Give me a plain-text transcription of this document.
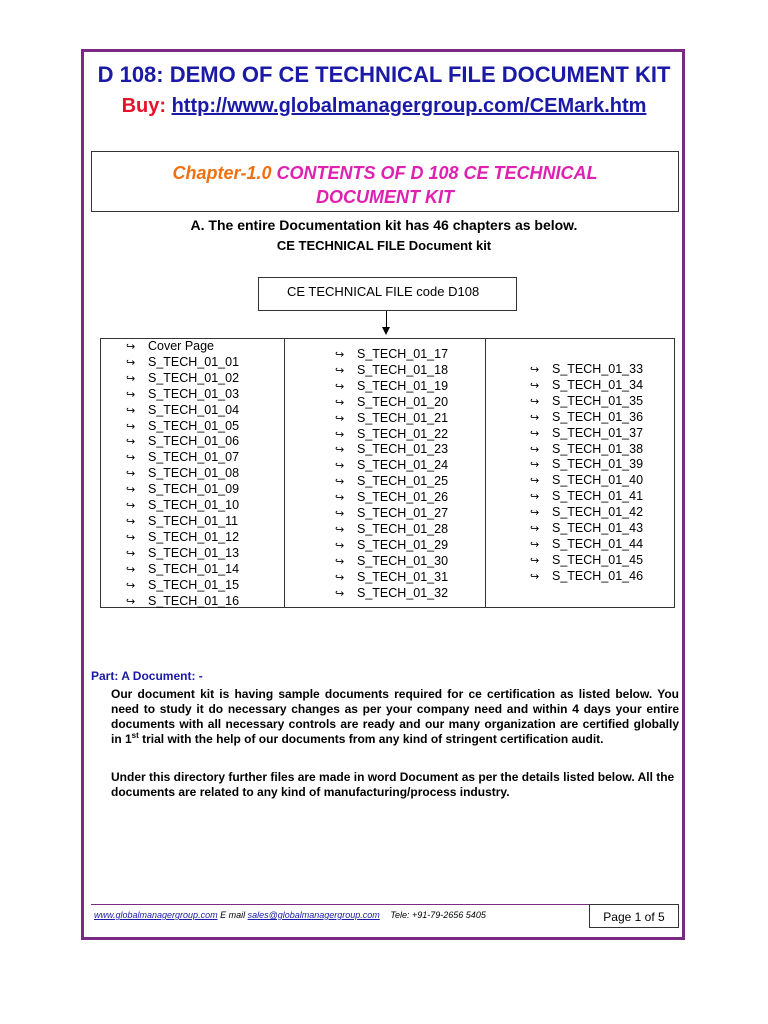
D 108: DEMO OF CE TECHNICAL FILE DOCUMENT KIT
Buy: http://www.globalmanagergroup.com/CEMark.htm
Chapter-1.0 CONTENTS OF D 108 CE TECHNICAL
DOCUMENT KIT
A. The entire Documentation kit has 46 chapters as below.
CE TECHNICAL FILE Document kit
CE TECHNICAL FILE code D108
↪ Cover Page
↪ S_TECH_01_01
↪ S_TECH_01_02
↪ S_TECH_01_03
↪ S_TECH_01_04
↪ S_TECH_01_05
↪ S_TECH_01_06
↪ S_TECH_01_07
↪ S_TECH_01_08
↪ S_TECH_01_09
↪ S_TECH_01_10
↪ S_TECH_01_11
↪ S_TECH_01_12
↪ S_TECH_01_13
↪ S_TECH_01_14
↪ S_TECH_01_15
↪ S_TECH_01_16
↪ S_TECH_01_17
↪ S_TECH_01_18
↪ S_TECH_01_19
↪ S_TECH_01_20
↪ S_TECH_01_21
↪ S_TECH_01_22
↪ S_TECH_01_23
↪ S_TECH_01_24
↪ S_TECH_01_25
↪ S_TECH_01_26
↪ S_TECH_01_27
↪ S_TECH_01_28
↪ S_TECH_01_29
↪ S_TECH_01_30
↪ S_TECH_01_31
↪ S_TECH_01_32
↪ S_TECH_01_33
↪ S_TECH_01_34
↪ S_TECH_01_35
↪ S_TECH_01_36
↪ S_TECH_01_37
↪ S_TECH_01_38
↪ S_TECH_01_39
↪ S_TECH_01_40
↪ S_TECH_01_41
↪ S_TECH_01_42
↪ S_TECH_01_43
↪ S_TECH_01_44
↪ S_TECH_01_45
↪ S_TECH_01_46
Part: A Document: -
Our document kit is having sample documents required for ce certification as listed below. You need to study it do necessary changes as per your company need and within 4 days your entire documents with all necessary controls are ready and our many organization are certified globally in 1st trial with the help of our documents from any kind of stringent certification audit.
Under this directory further files are made in word Document as per the details listed below. All the documents are related to any kind of manufacturing/process industry.
www.globalmanagergroup.com E mail sales@globalmanagergroup.com Tele: +91-79-2656 5405	Page 1 of 5
